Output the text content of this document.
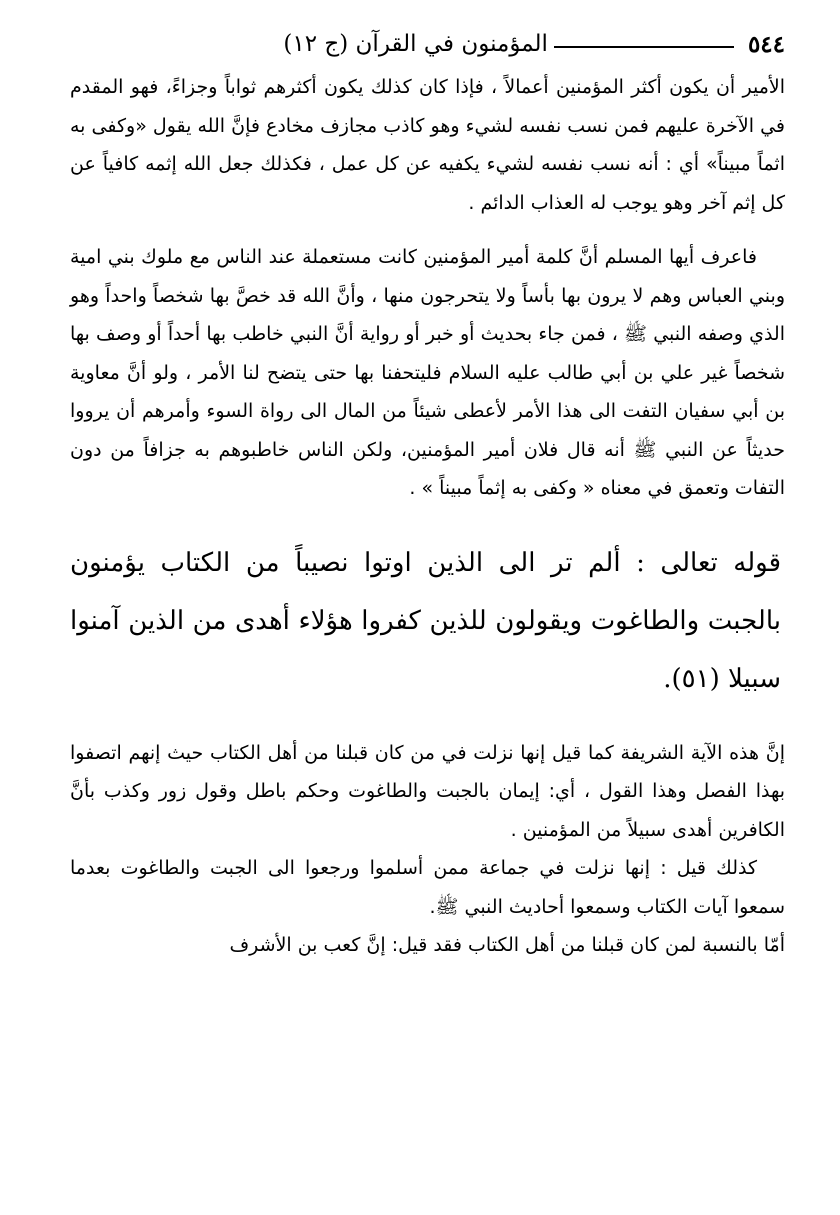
٥٤٤
المؤمنون في القرآن (ج ١٢)

الأمير أن يكون أكثر المؤمنين أعمالاً ، فإذا كان كذلك يكون أكثرهم ثواباً وجزاءً، فهو المقدم في الآخرة عليهم فمن نسب نفسه لشيء وهو كاذب مجازف مخادع فإنَّ الله يقول «وكفى به اثماً مبيناً» أي : أنه نسب نفسه لشيء يكفيه عن كل عمل ، فكذلك جعل الله إثمه كافياً عن كل إثم آخر وهو يوجب له العذاب الدائم .

فاعرف أيها المسلم أنَّ كلمة أمير المؤمنين كانت مستعملة عند الناس مع ملوك بني امية وبني العباس وهم لا يرون بها بأساً ولا يتحرجون منها ، وأنَّ الله قد خصَّ بها شخصاً واحداً وهو الذي وصفه النبي ﷺ ، فمن جاء بحديث أو خبر أو رواية أنَّ النبي خاطب بها أحداً أو وصف بها شخصاً غير علي بن أبي طالب عليه السلام فليتحفنا بها حتى يتضح لنا الأمر ، ولو أنَّ معاوية بن أبي سفيان التفت الى هذا الأمر لأعطى شيئاً من المال الى رواة السوء وأمرهم أن يرووا حديثاً عن النبي ﷺ أنه قال فلان أمير المؤمنين، ولكن الناس خاطبوهم به جزافاً من دون التفات وتعمق في معناه « وكفى به إثماً مبيناً » .

قوله تعالى : ألم تر الى الذين اوتوا نصيباً من الكتاب يؤمنون بالجبت والطاغوت ويقولون للذين كفروا هؤلاء أهدى من الذين آمنوا سبيلا (٥١).

إنَّ هذه الآية الشريفة كما قيل إنها نزلت في من كان قبلنا من أهل الكتاب حيث إنهم اتصفوا بهذا الفصل وهذا القول ، أي: إيمان بالجبت والطاغوت وحكم باطل وقول زور وكذب بأنَّ الكافرين أهدى سبيلاً من المؤمنين .

كذلك قيل : إنها نزلت في جماعة ممن أسلموا ورجعوا الى الجبت والطاغوت بعدما سمعوا آيات الكتاب وسمعوا أحاديث النبي ﷺ.

أمّا بالنسبة لمن كان قبلنا من أهل الكتاب فقد قيل: إنَّ كعب بن الأشرف
